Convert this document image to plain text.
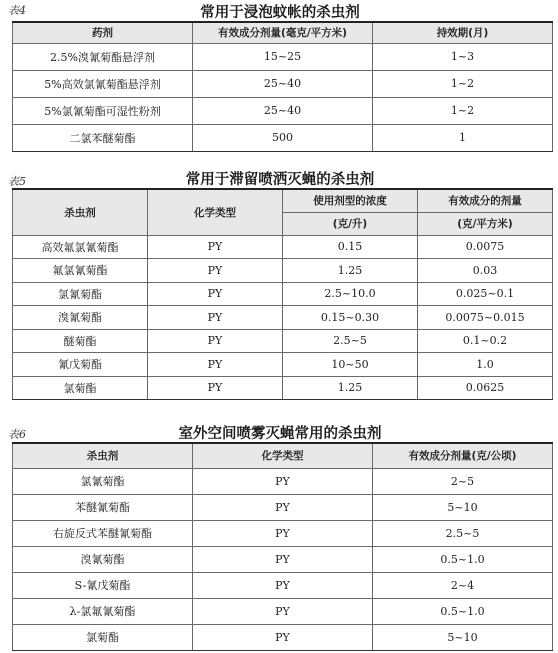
表4	常用于浸泡蚊帐的杀虫剂
药剂	有效成分剂量(毫克/平方米)	持效期(月)
2.5%溴氰菊酯悬浮剂	15~25	1~3
5%高效氯氰菊酯悬浮剂	25~40	1~2
5%氯氰菊酯可湿性粉剂	25~40	1~2
二氯苯醚菊酯	500	1
表5	常用于滞留喷洒灭蝇的杀虫剂
杀虫剂	化学类型	使用剂型的浓度	有效成分的剂量
		(克/升)	(克/平方米)
高效氟氯氰菊酯	PY	0.15	0.0075
氟氯氰菊酯	PY	1.25	0.03
氯氰菊酯	PY	2.5~10.0	0.025~0.1
溴氰菊酯	PY	0.15~0.30	0.0075~0.015
醚菊酯	PY	2.5~5	0.1~0.2
氰戊菊酯	PY	10~50	1.0
氯菊酯	PY	1.25	0.0625
表6	室外空间喷雾灭蝇常用的杀虫剂
杀虫剂	化学类型	有效成分剂量(克/公顷)
氯氰菊酯	PY	2~5
苯醚氰菊酯	PY	5~10
右旋反式苯醚氰菊酯	PY	2.5~5
溴氰菊酯	PY	0.5~1.0
S-氰戊菊酯	PY	2~4
λ-氯氟氰菊酯	PY	0.5~1.0
氯菊酯	PY	5~10
